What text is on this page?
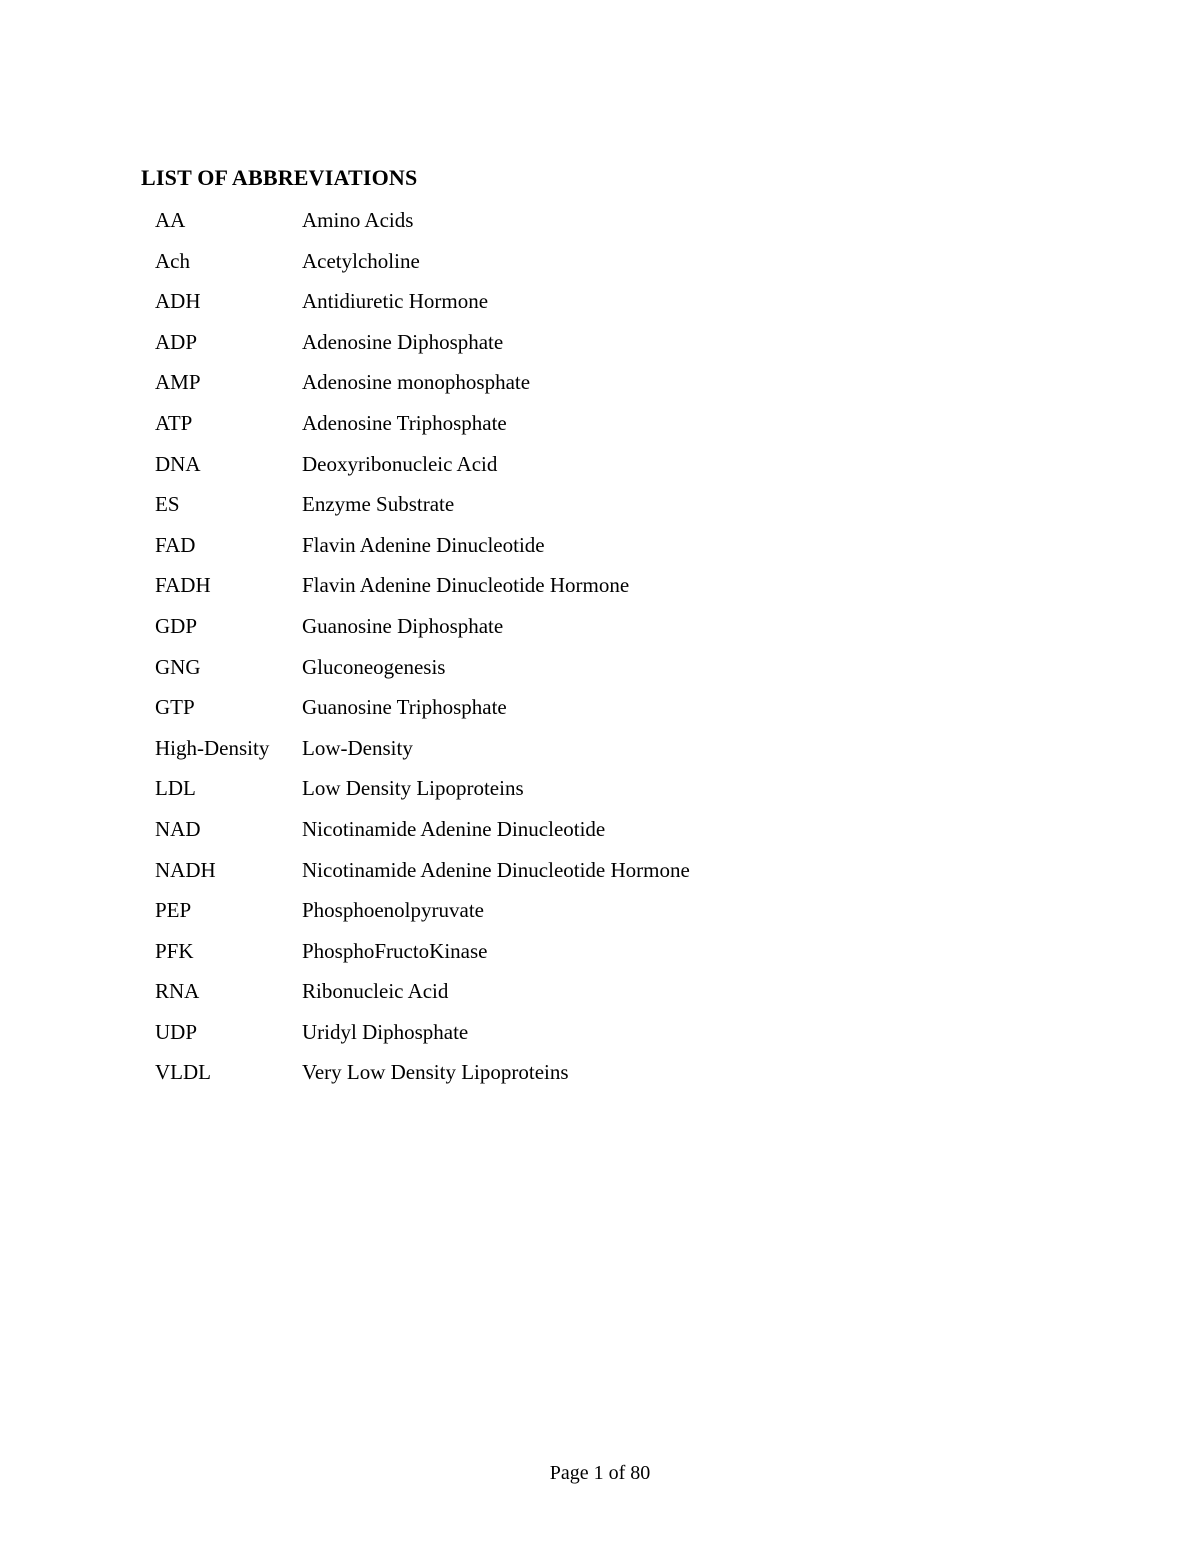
LIST OF ABBREVIATIONS
AA	Amino Acids
Ach	Acetylcholine
ADH	Antidiuretic Hormone
ADP	Adenosine Diphosphate
AMP	Adenosine monophosphate
ATP	Adenosine Triphosphate
DNA	Deoxyribonucleic Acid
ES	Enzyme Substrate
FAD	Flavin Adenine Dinucleotide
FADH	Flavin Adenine Dinucleotide Hormone
GDP	Guanosine Diphosphate
GNG	Gluconeogenesis
GTP	Guanosine Triphosphate
High-Density	Low-Density
LDL	Low Density Lipoproteins
NAD	Nicotinamide Adenine Dinucleotide
NADH	Nicotinamide Adenine Dinucleotide Hormone
PEP	Phosphoenolpyruvate
PFK	PhosphoFructoKinase
RNA	Ribonucleic Acid
UDP	Uridyl Diphosphate
VLDL	Very Low Density Lipoproteins
Page 1 of 80
